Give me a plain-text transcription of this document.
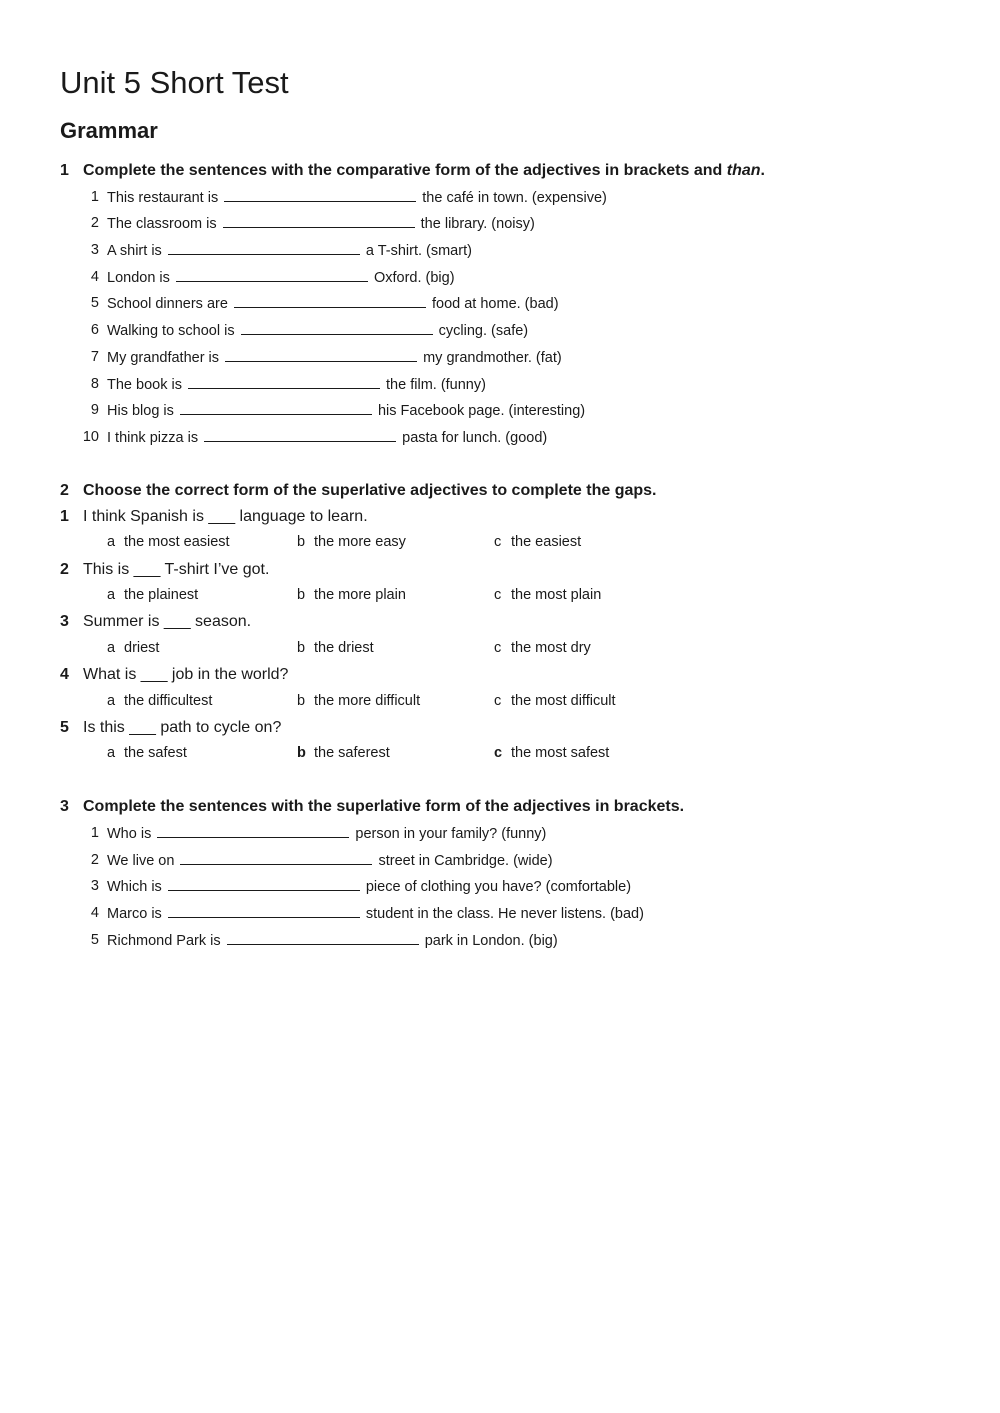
Unit 5 Short Test
Grammar
1 Complete the sentences with the comparative form of the adjectives in brackets and than.
1 This restaurant is	the café in town. (expensive)
2 The classroom is	the library. (noisy)
3 A shirt is	a T-shirt. (smart)
4 London is	Oxford. (big)
5 School dinners are	food at home. (bad)
6 Walking to school is	cycling. (safe)
7 My grandfather is	my grandmother. (fat)
8 The book is	the film. (funny)
9 His blog is	his Facebook page. (interesting)
10 I think pizza is	pasta for lunch. (good)
2 Choose the correct form of the superlative adjectives to complete the gaps.
1 I think Spanish is ___ language to learn.
a the most easiest	b the more easy	c the easiest
2 This is ___ T-shirt I’ve got.
a the plainest	b the more plain	c the most plain
3 Summer is ___ season.
a driest	b the driest	c the most dry
4 What is ___ job in the world?
a the difficultest	b the more difficult	c the most difficult
5 Is this ___ path to cycle on?
a the safest	b the saferest	c the most safest
3 Complete the sentences with the superlative form of the adjectives in brackets.
1 Who is	person in your family? (funny)
2 We live on	street in Cambridge. (wide)
3 Which is	piece of clothing you have? (comfortable)
4 Marco is	student in the class. He never listens. (bad)
5 Richmond Park is	park in London. (big)
